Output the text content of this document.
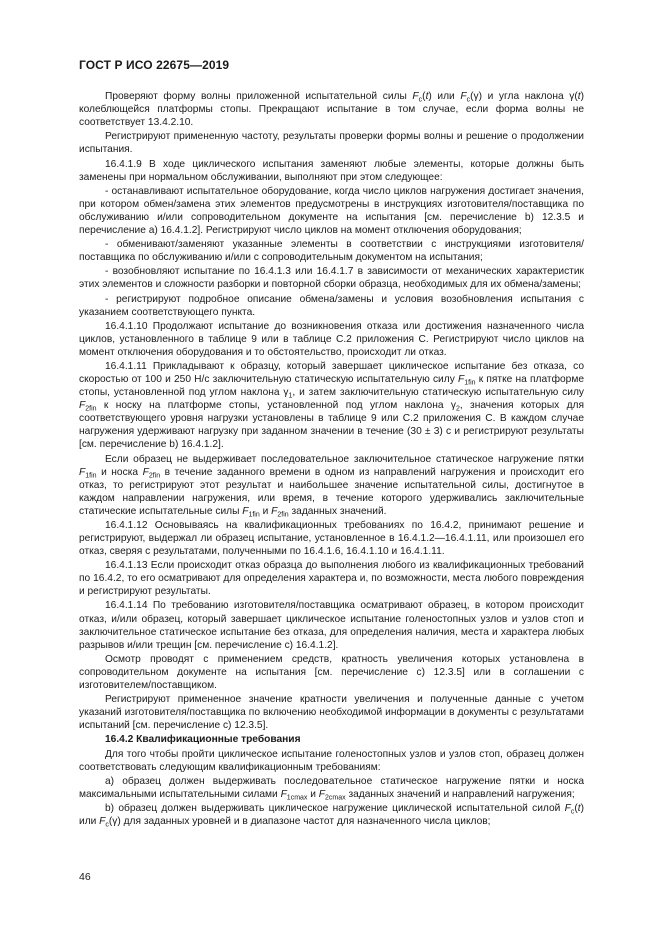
ГОСТ Р ИСО 22675—2019

Проверяют форму волны приложенной испытательной силы $F_c(t)$ или $F_c(\gamma)$ и угла наклона γ(t) колеблющейся платформы стопы. Прекращают испытание в том случае, если форма волны не соответствует 13.4.2.10.

Регистрируют примененную частоту, результаты проверки формы волны и решение о продолжении испытания.

16.4.1.9 В ходе циклического испытания заменяют любые элементы, которые должны быть заменены при нормальном обслуживании, выполняют при этом следующее:

- останавливают испытательное оборудование, когда число циклов нагружения достигает значения, при котором обмен/замена этих элементов предусмотрены в инструкциях изготовителя/поставщика по обслуживанию и/или сопроводительном документе на испытания [см. перечисление b) 12.3.5 и перечисление a) 16.4.1.2]. Регистрируют число циклов на момент отключения оборудования;

- обменивают/заменяют указанные элементы в соответствии с инструкциями изготовителя/поставщика по обслуживанию и/или с сопроводительным документом на испытания;

- возобновляют испытание по 16.4.1.3 или 16.4.1.7 в зависимости от механических характеристик этих элементов и сложности разборки и повторной сборки образца, необходимых для их обмена/замены;

- регистрируют подробное описание обмена/замены и условия возобновления испытания с указанием соответствующего пункта.

16.4.1.10 Продолжают испытание до возникновения отказа или достижения назначенного числа циклов, установленного в таблице 9 или в таблице С.2 приложения С. Регистрируют число циклов на момент отключения оборудования и то обстоятельство, происходит ли отказ.

16.4.1.11 Прикладывают к образцу, который завершает циклическое испытание без отказа, со скоростью от 100 и 250 Н/с заключительную статическую испытательную силу $F_{1fin}$ к пятке на платформе стопы, установленной под углом наклона $\gamma_1$, и затем заключительную статическую испытательную силу $F_{2fin}$ к носку на платформе стопы, установленной под углом наклона $\gamma_2$, значения которых для соответствующего уровня нагрузки установлены в таблице 9 или С.2 приложения С. В каждом случае нагружения удерживают нагрузку при заданном значении в течение (30 ± 3) с и регистрируют результаты [см. перечисление b) 16.4.1.2].

Если образец не выдерживает последовательное заключительное статическое нагружение пятки $F_{1fin}$ и носка $F_{2fin}$ в течение заданного времени в одном из направлений нагружения и происходит его отказ, то регистрируют этот результат и наибольшее значение испытательной силы, достигнутое в каждом направлении нагружения, или время, в течение которого удерживались заключительные статические испытательные силы $F_{1fin}$ и $F_{2fin}$ заданных значений.

16.4.1.12 Основываясь на квалификационных требованиях по 16.4.2, принимают решение и регистрируют, выдержал ли образец испытание, установленное в 16.4.1.2—16.4.1.11, или произошел его отказ, сверяя с результатами, полученными по 16.4.1.6, 16.4.1.10 и 16.4.1.11.

16.4.1.13 Если происходит отказ образца до выполнения любого из квалификационных требований по 16.4.2, то его осматривают для определения характера и, по возможности, места любого повреждения и регистрируют результаты.

16.4.1.14 По требованию изготовителя/поставщика осматривают образец, в котором происходит отказ, и/или образец, который завершает циклическое испытание голеностопных узлов и узлов стоп и заключительное статическое испытание без отказа, для определения наличия, места и характера любых разрывов и/или трещин [см. перечисление с) 16.4.1.2].

Осмотр проводят с применением средств, кратность увеличения которых установлена в сопроводительном документе на испытания [см. перечисление с) 12.3.5] или в соглашении с изготовителем/поставщиком.

Регистрируют примененное значение кратности увеличения и полученные данные с учетом указаний изготовителя/поставщика по включению необходимой информации в документы с результатами испытаний [см. перечисление с) 12.3.5].

16.4.2 Квалификационные требования

Для того чтобы пройти циклическое испытание голеностопных узлов и узлов стоп, образец должен соответствовать следующим квалификационным требованиям:

a) образец должен выдерживать последовательное статическое нагружение пятки и носка максимальными испытательными силами $F_{1cmax}$ и $F_{2cmax}$ заданных значений и направлений нагружения;

b) образец должен выдерживать циклическое нагружение циклической испытательной силой $F_c(t)$ или $F_c(\gamma)$ для заданных уровней и в диапазоне частот для назначенного числа циклов;

46
